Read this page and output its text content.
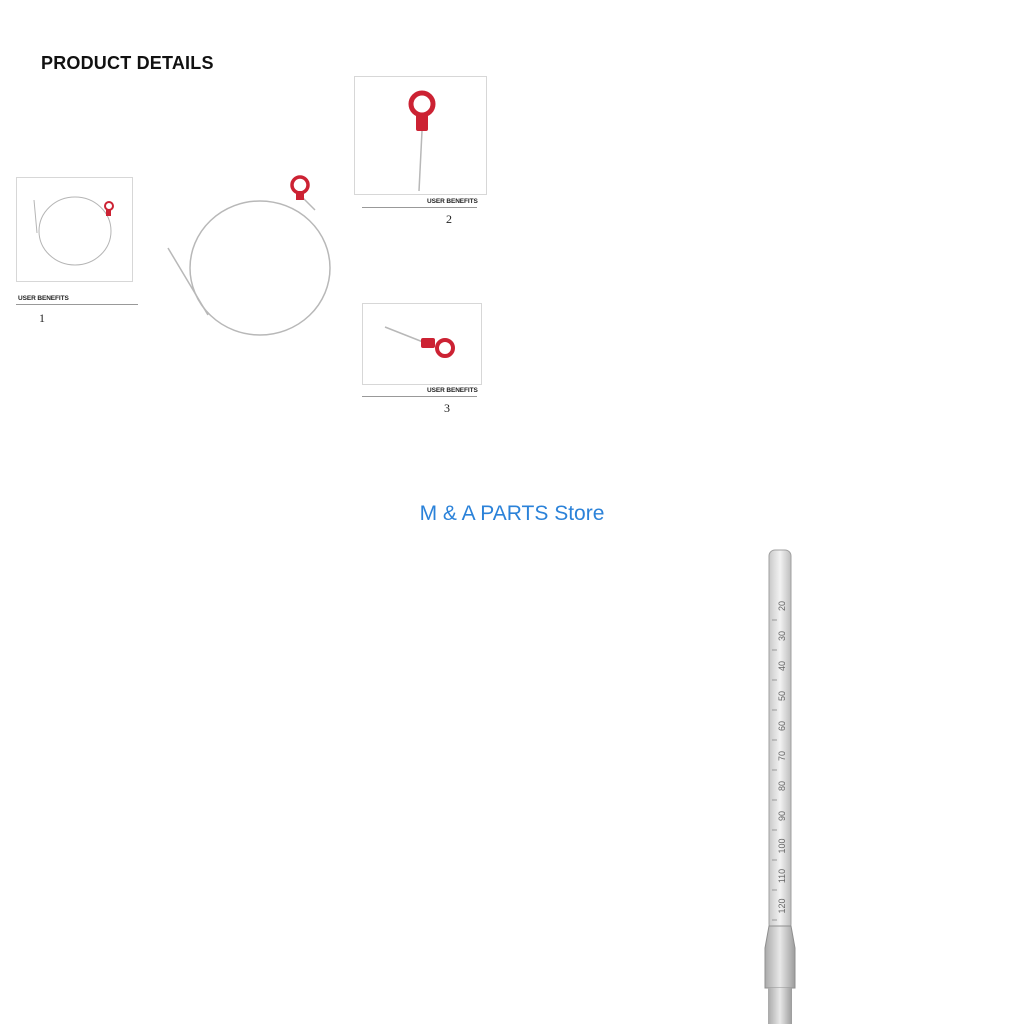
PRODUCT DETAILS
USER BENEFITS
1
USER BENEFITS
2
USER BENEFITS
3
M & A PARTS Store
20
30
40
50
60
70
80
90
100
110
120
